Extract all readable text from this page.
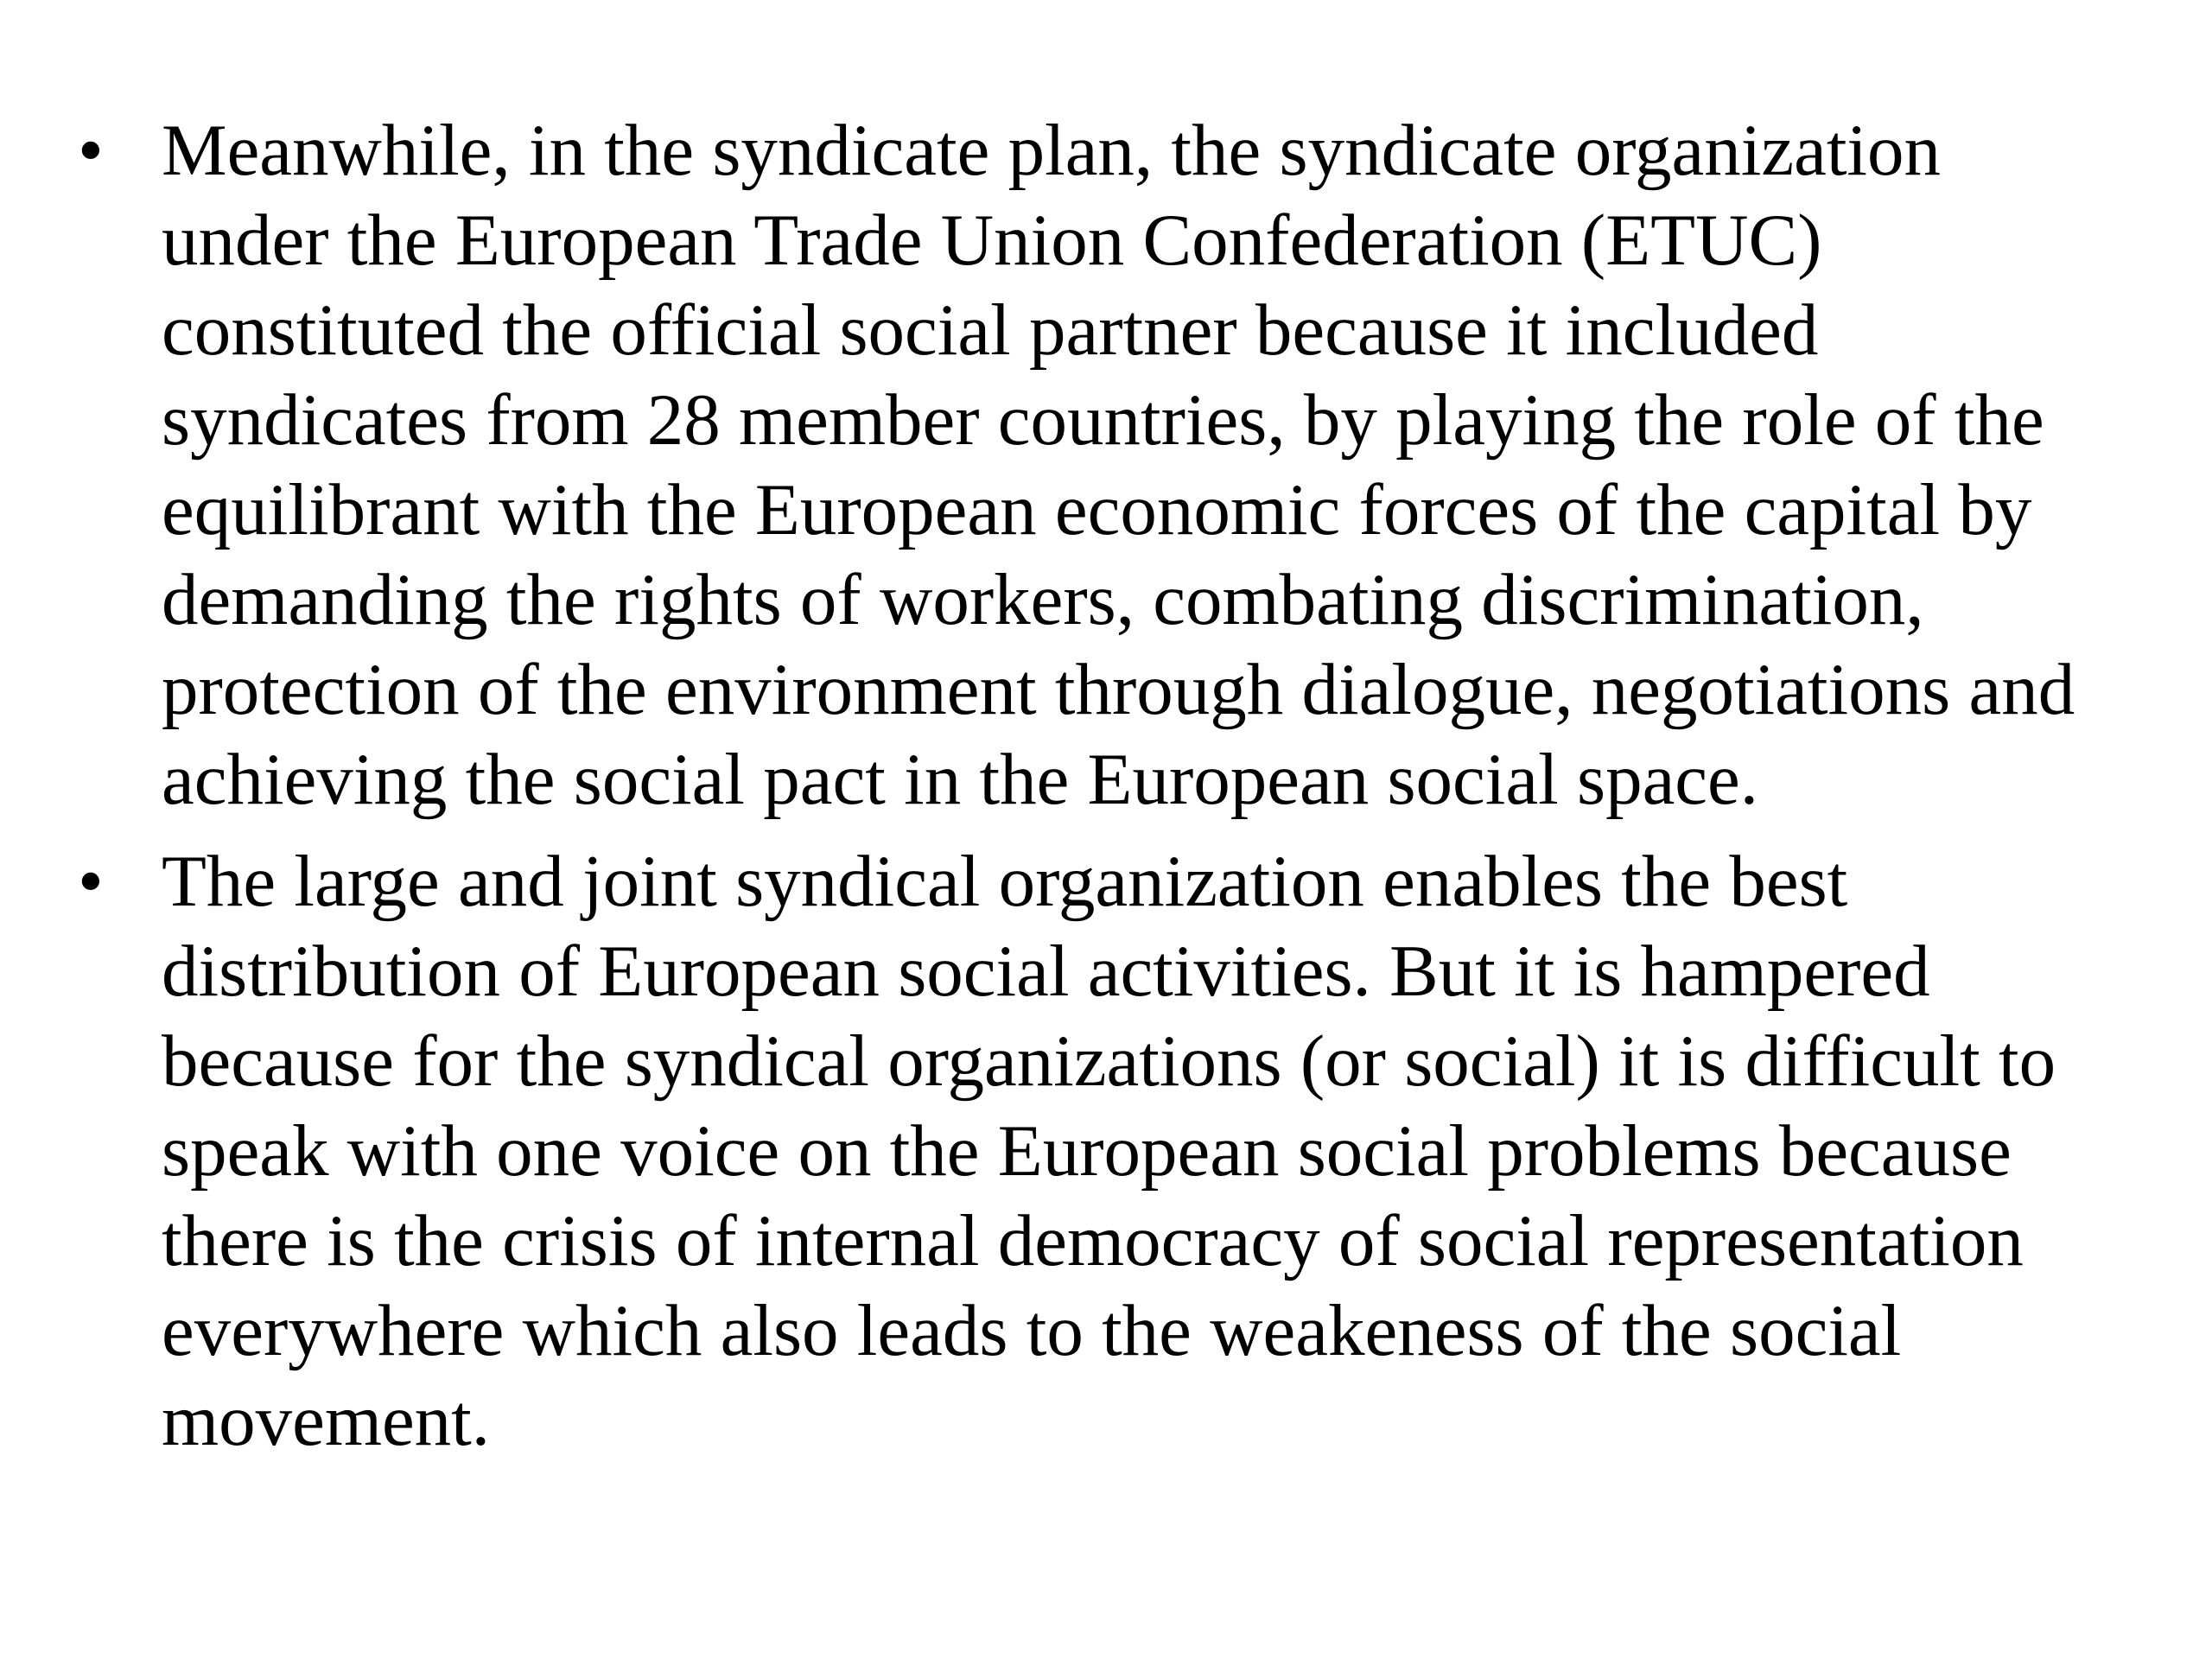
• Meanwhile, in the syndicate plan, the syndicate organization
under the European Trade Union Confederation (ETUC)
constituted the official social partner because it included
syndicates from 28 member countries, by playing the role of the
equilibrant with the European economic forces of the capital by
demanding the rights of workers, combating discrimination,
protection of the environment through dialogue, negotiations and
achieving the social pact in the European social space.
• The large and joint syndical organization enables the best
distribution of European social activities. But it is hampered
because for the syndical organizations (or social) it is difficult to
speak with one voice on the European social problems because
there is the crisis of internal democracy of social representation
everywhere which also leads to the weakeness of the social
movement.
